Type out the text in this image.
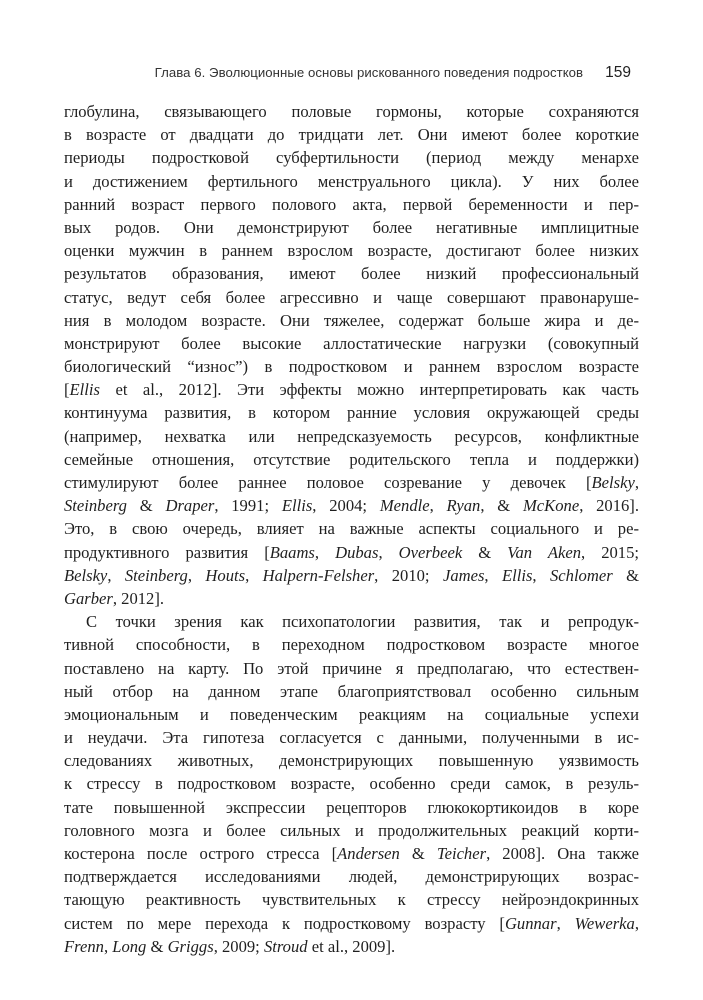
Глава 6. Эволюционные основы рискованного поведения подростков 159

глобулина, связывающего половые гормоны, которые сохраняются
в возрасте от двадцати до тридцати лет. Они имеют более короткие
периоды подростковой субфертильности (период между менархе
и достижением фертильного менструального цикла). У них более
ранний возраст первого полового акта, первой беременности и пер-
вых родов. Они демонстрируют более негативные имплицитные
оценки мужчин в раннем взрослом возрасте, достигают более низких
результатов образования, имеют более низкий профессиональный
статус, ведут себя более агрессивно и чаще совершают правонаруше-
ния в молодом возрасте. Они тяжелее, содержат больше жира и де-
монстрируют более высокие аллостатические нагрузки (совокупный
биологический “износ”) в подростковом и раннем взрослом возрасте
[Ellis et al., 2012]. Эти эффекты можно интерпретировать как часть
континуума развития, в котором ранние условия окружающей среды
(например, нехватка или непредсказуемость ресурсов, конфликтные
семейные отношения, отсутствие родительского тепла и поддержки)
стимулируют более раннее половое созревание у девочек [Belsky,
Steinberg & Draper, 1991; Ellis, 2004; Mendle, Ryan, & McKone, 2016].
Это, в свою очередь, влияет на важные аспекты социального и ре-
продуктивного развития [Baams, Dubas, Overbeek & Van Aken, 2015;
Belsky, Steinberg, Houts, Halpern-Felsher, 2010; James, Ellis, Schlomer &
Garber, 2012].

С точки зрения как психопатологии развития, так и репродук-
тивной способности, в переходном подростковом возрасте многое
поставлено на карту. По этой причине я предполагаю, что естествен-
ный отбор на данном этапе благоприятствовал особенно сильным
эмоциональным и поведенческим реакциям на социальные успехи
и неудачи. Эта гипотеза согласуется с данными, полученными в ис-
следованиях животных, демонстрирующих повышенную уязвимость
к стрессу в подростковом возрасте, особенно среди самок, в резуль-
тате повышенной экспрессии рецепторов глюкокортикоидов в коре
головного мозга и более сильных и продолжительных реакций корти-
костерона после острого стресса [Andersen & Teicher, 2008]. Она также
подтверждается исследованиями людей, демонстрирующих возрас-
тающую реактивность чувствительных к стрессу нейроэндокринных
систем по мере перехода к подростковому возрасту [Gunnar, Wewerka,
Frenn, Long & Griggs, 2009; Stroud et al., 2009].
